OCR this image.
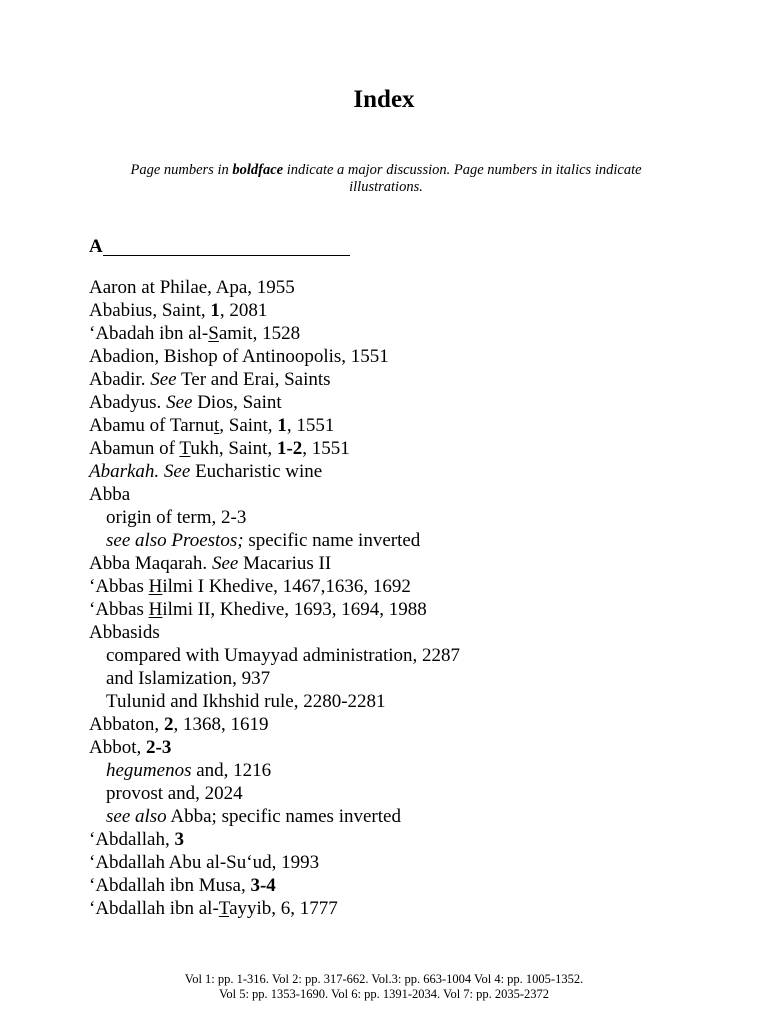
Index
Page numbers in boldface indicate a major discussion. Page numbers in italics indicate illustrations.
A
Aaron at Philae, Apa, 1955
Ababius, Saint, 1, 2081
‘Abadah ibn al-Samit, 1528
Abadion, Bishop of Antinoopolis, 1551
Abadir. See Ter and Erai, Saints
Abadyus. See Dios, Saint
Abamu of Tarnut, Saint, 1, 1551
Abamun of Tukh, Saint, 1-2, 1551
Abarkah. See Eucharistic wine
Abba
origin of term, 2-3
see also Proestos; specific name inverted
Abba Maqarah. See Macarius II
‘Abbas Hilmi I Khedive, 1467,1636, 1692
‘Abbas Hilmi II, Khedive, 1693, 1694, 1988
Abbasids
compared with Umayyad administration, 2287
and Islamization, 937
Tulunid and Ikhshid rule, 2280-2281
Abbaton, 2, 1368, 1619
Abbot, 2-3
hegumenos and, 1216
provost and, 2024
see also Abba; specific names inverted
‘Abdallah, 3
‘Abdallah Abu al-Su‘ud, 1993
‘Abdallah ibn Musa, 3-4
‘Abdallah ibn al-Tayyib, 6, 1777
Vol 1: pp. 1-316. Vol 2: pp. 317-662. Vol.3: pp. 663-1004 Vol 4: pp. 1005-1352.
Vol 5: pp. 1353-1690. Vol 6: pp. 1391-2034. Vol 7: pp. 2035-2372
